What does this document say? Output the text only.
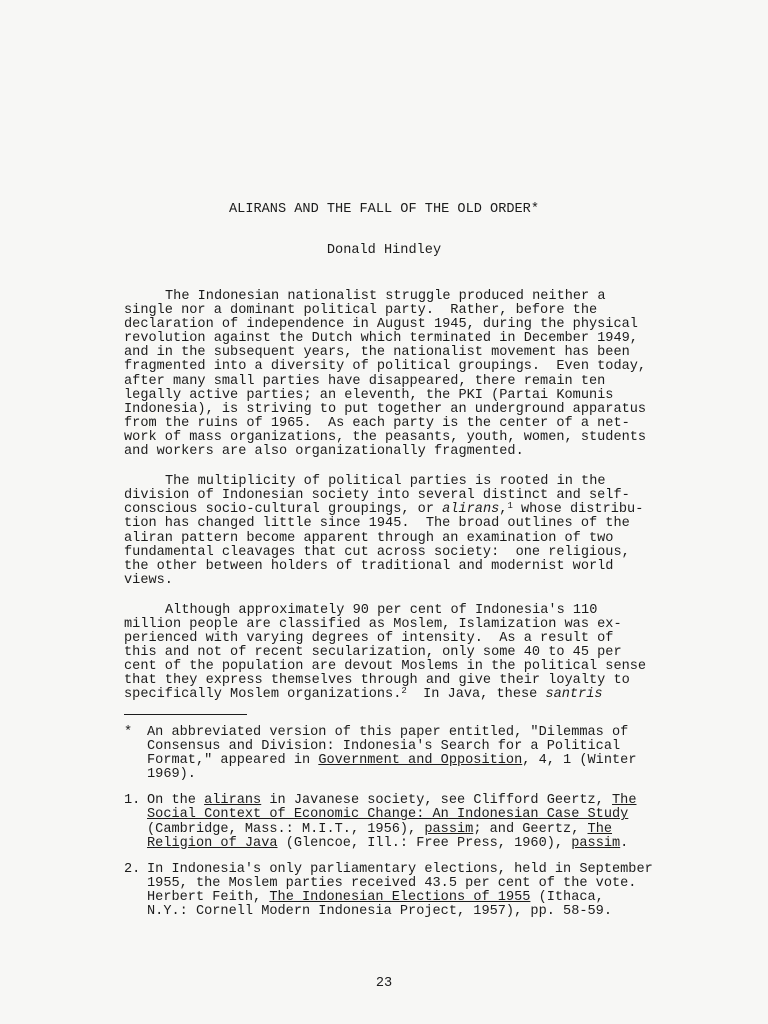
ALIRANS AND THE FALL OF THE OLD ORDER*
Donald Hindley

The Indonesian nationalist struggle produced neither a
single nor a dominant political party.  Rather, before the
declaration of independence in August 1945, during the physical
revolution against the Dutch which terminated in December 1949,
and in the subsequent years, the nationalist movement has been
fragmented into a diversity of political groupings.  Even today,
after many small parties have disappeared, there remain ten
legally active parties; an eleventh, the PKI (Partai Komunis
Indonesia), is striving to put together an underground apparatus
from the ruins of 1965.  As each party is the center of a net-
work of mass organizations, the peasants, youth, women, students
and workers are also organizationally fragmented.

The multiplicity of political parties is rooted in the
division of Indonesian society into several distinct and self-
conscious socio-cultural groupings, or alirans,$^1$ whose distribu-
tion has changed little since 1945.  The broad outlines of the
aliran pattern become apparent through an examination of two
fundamental cleavages that cut across society:  one religious,
the other between holders of traditional and modernist world
views.

Although approximately 90 per cent of Indonesia's 110
million people are classified as Moslem, Islamization was ex-
perienced with varying degrees of intensity.  As a result of
this and not of recent secularization, only some 40 to 45 per
cent of the population are devout Moslems in the political sense
that they express themselves through and give their loyalty to
specifically Moslem organizations.$^2$  In Java, these santris

*	An abbreviated version of this paper entitled, "Dilemmas of
Consensus and Division: Indonesia's Search for a Political
Format," appeared in Government and Opposition, 4, 1 (Winter
1969).
1. On the alirans in Javanese society, see Clifford Geertz, The
Social Context of Economic Change: An Indonesian Case Study
(Cambridge, Mass.: M.I.T., 1956), passim; and Geertz, The
Religion of Java (Glencoe, Ill.: Free Press, 1960), passim.
2. In Indonesia's only parliamentary elections, held in September
1955, the Moslem parties received 43.5 per cent of the vote.
Herbert Feith, The Indonesian Elections of 1955 (Ithaca,
N.Y.: Cornell Modern Indonesia Project, 1957), pp. 58-59.
23
